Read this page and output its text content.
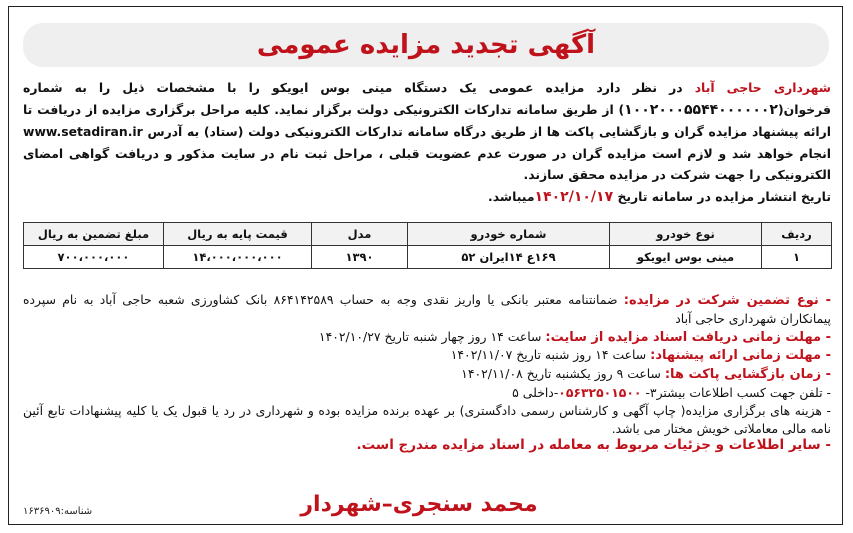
آگهی تجدید مزایده عمومی
شهرداری حاجی آباد در نظر دارد مزایده عمومی یک دستگاه مینی بوس ایویکو را با مشخصات ذیل را به شماره فرخوان(۱۰۰۲۰۰۰۵۵۴۴۰۰۰۰۰۰۲) از طریق سامانه تدارکات الکترونیکی دولت برگزار نماید. کلیه مراحل برگزاری مزایده از دریافت تا ارائه پیشنهاد مزایده گران و بازگشایی پاکت ها از طریق درگاه سامانه تدارکات الکترونیکی دولت (ستاد) به آدرس www.setadiran.ir انجام خواهد شد و لازم است مزایده گران در صورت عدم عضویت قبلی ، مراحل ثبت نام در سایت مذکور و دریافت گواهی امضای الکترونیکی را جهت شرکت در مزایده محقق سازند.
تاریخ انتشار مزایده در سامانه تاریخ ۱۴۰۲/۱۰/۱۷میباشد.
ردیف	نوع خودرو	شماره خودرو	مدل	قیمت پایه به ریال	مبلغ تضمین به ریال
۱	مینی بوس ایویکو	۱۶۹ع ۱۴ایران ۵۲	۱۳۹۰	۱۴،۰۰۰،۰۰۰،۰۰۰	۷۰۰،۰۰۰،۰۰۰
- نوع تضمین شرکت در مزایده: ضمانتنامه معتبر بانکی یا واریز نقدی وجه به حساب ۸۶۴۱۴۲۵۸۹ بانک کشاورزی شعبه حاجی آباد به نام سپرده پیمانکاران شهرداری حاجی آباد
- مهلت زمانی دریافت اسناد مزایده از سایت: ساعت ۱۴ روز چهار شنبه تاریخ ۱۴۰۲/۱۰/۲۷
- مهلت زمانی ارائه پیشنهاد: ساعت ۱۴ روز شنبه تاریخ ۱۴۰۲/۱۱/۰۷
- زمان بازگشایی پاکت ها: ساعت ۹ روز یکشنبه تاریخ ۱۴۰۲/۱۱/۰۸
- تلفن جهت کسب اطلاعات بیشتر۳- ۰۵۶۳۲۵۰۱۵۰۰-داخلی ۵
- هزینه های برگزاری مزایده( چاپ آگهی و کارشناس رسمی دادگستری) بر عهده برنده مزایده بوده و شهرداری در رد یا قبول یک یا کلیه پیشنهادات تابع آئین نامه مالی معاملاتی خویش مختار می باشد.
- سایر اطلاعات و جزئیات مربوط به معامله در اسناد مزایده مندرج است.
محمد سنجری–شهردار
شناسه:۱۶۳۶۹۰۹
